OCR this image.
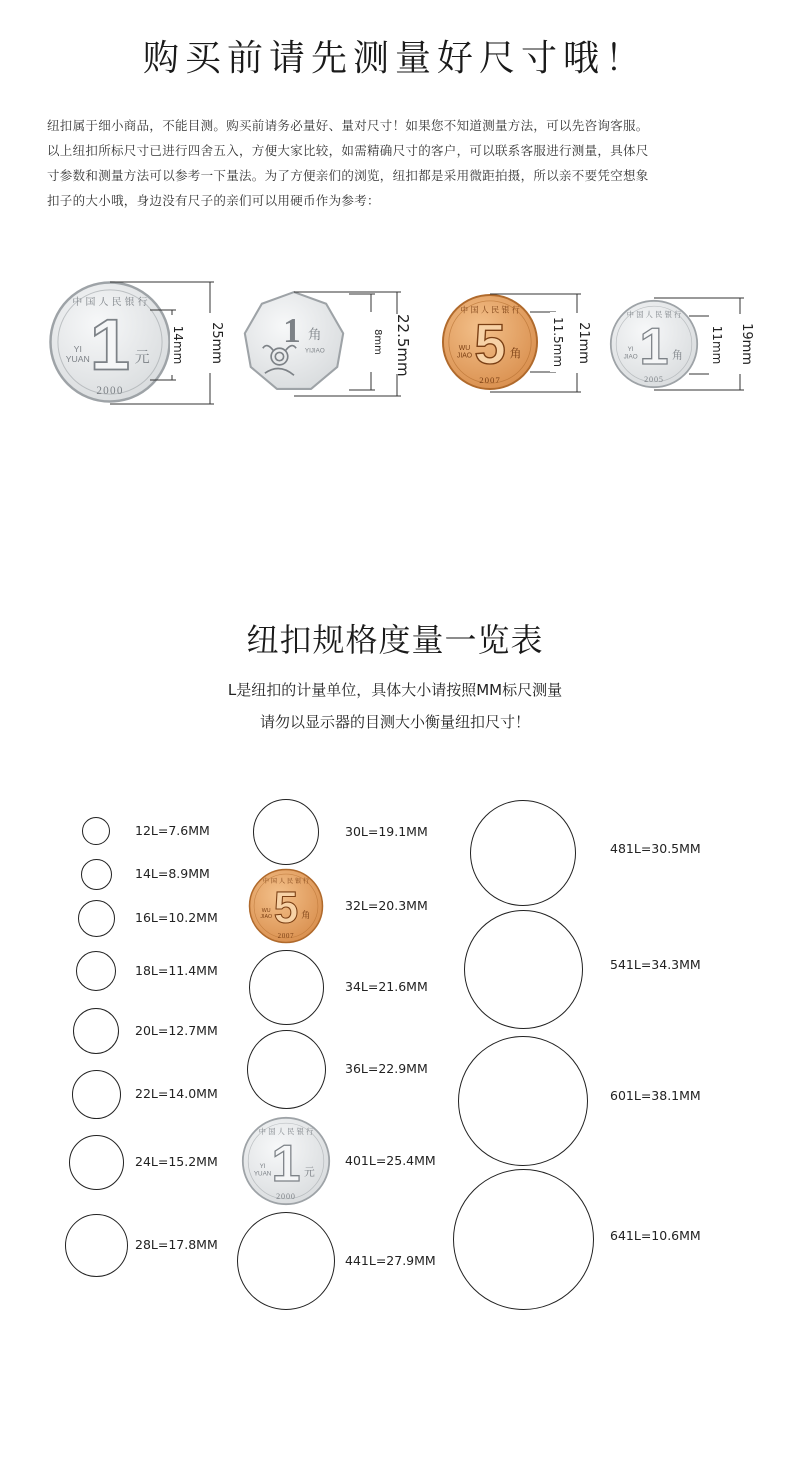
购买前请先测量好尺寸哦！

纽扣属于细小商品，不能目测。购买前请务必量好、量对尺寸！如果您不知道测量方法，可以先咨询客服。

以上纽扣所标尺寸已进行四舍五入，方便大家比较，如需精确尺寸的客户，可以联系客服进行测量，具体尺

寸参数和测量方法可以参考一下量法。为了方便亲们的浏览，纽扣都是采用微距拍摄，所以亲不要凭空想象

扣子的大小哦，身边没有尺子的亲们可以用硬币作为参考：

中 国 人 民 银 行
1
YI
YUAN	元
2000
14mm 25mm 1 角
YIJIAO	8mm 22.5mm
中 国 人 民 银 行
5
WU
JIAO	角
2007
11.5mm 21mm
中 国 人 民 银 行
1
YI
JIAO	角
2005
11mm 19mm
纽扣规格度量一览表
L是纽扣的计量单位，具体大小请按照MM标尺测量
请勿以显示器的目测大小衡量纽扣尺寸！
12L=7.6MM
14L=8.9MM
16L=10.2MM
18L=11.4MM
20L=12.7MM
22L=14.0MM
24L=15.2MM
28L=17.8MM
30L=19.1MM
中 国 人 民 银 行
5
WU
JIAO 角
2007
32L=20.3MM
34L=21.6MM
36L=22.9MM
中 国 人 民 银 行
1
YI
YUAN	元
2000
401L=25.4MM
441L=27.9MM
481L=30.5MM
541L=34.3MM
601L=38.1MM
641L=10.6MM
